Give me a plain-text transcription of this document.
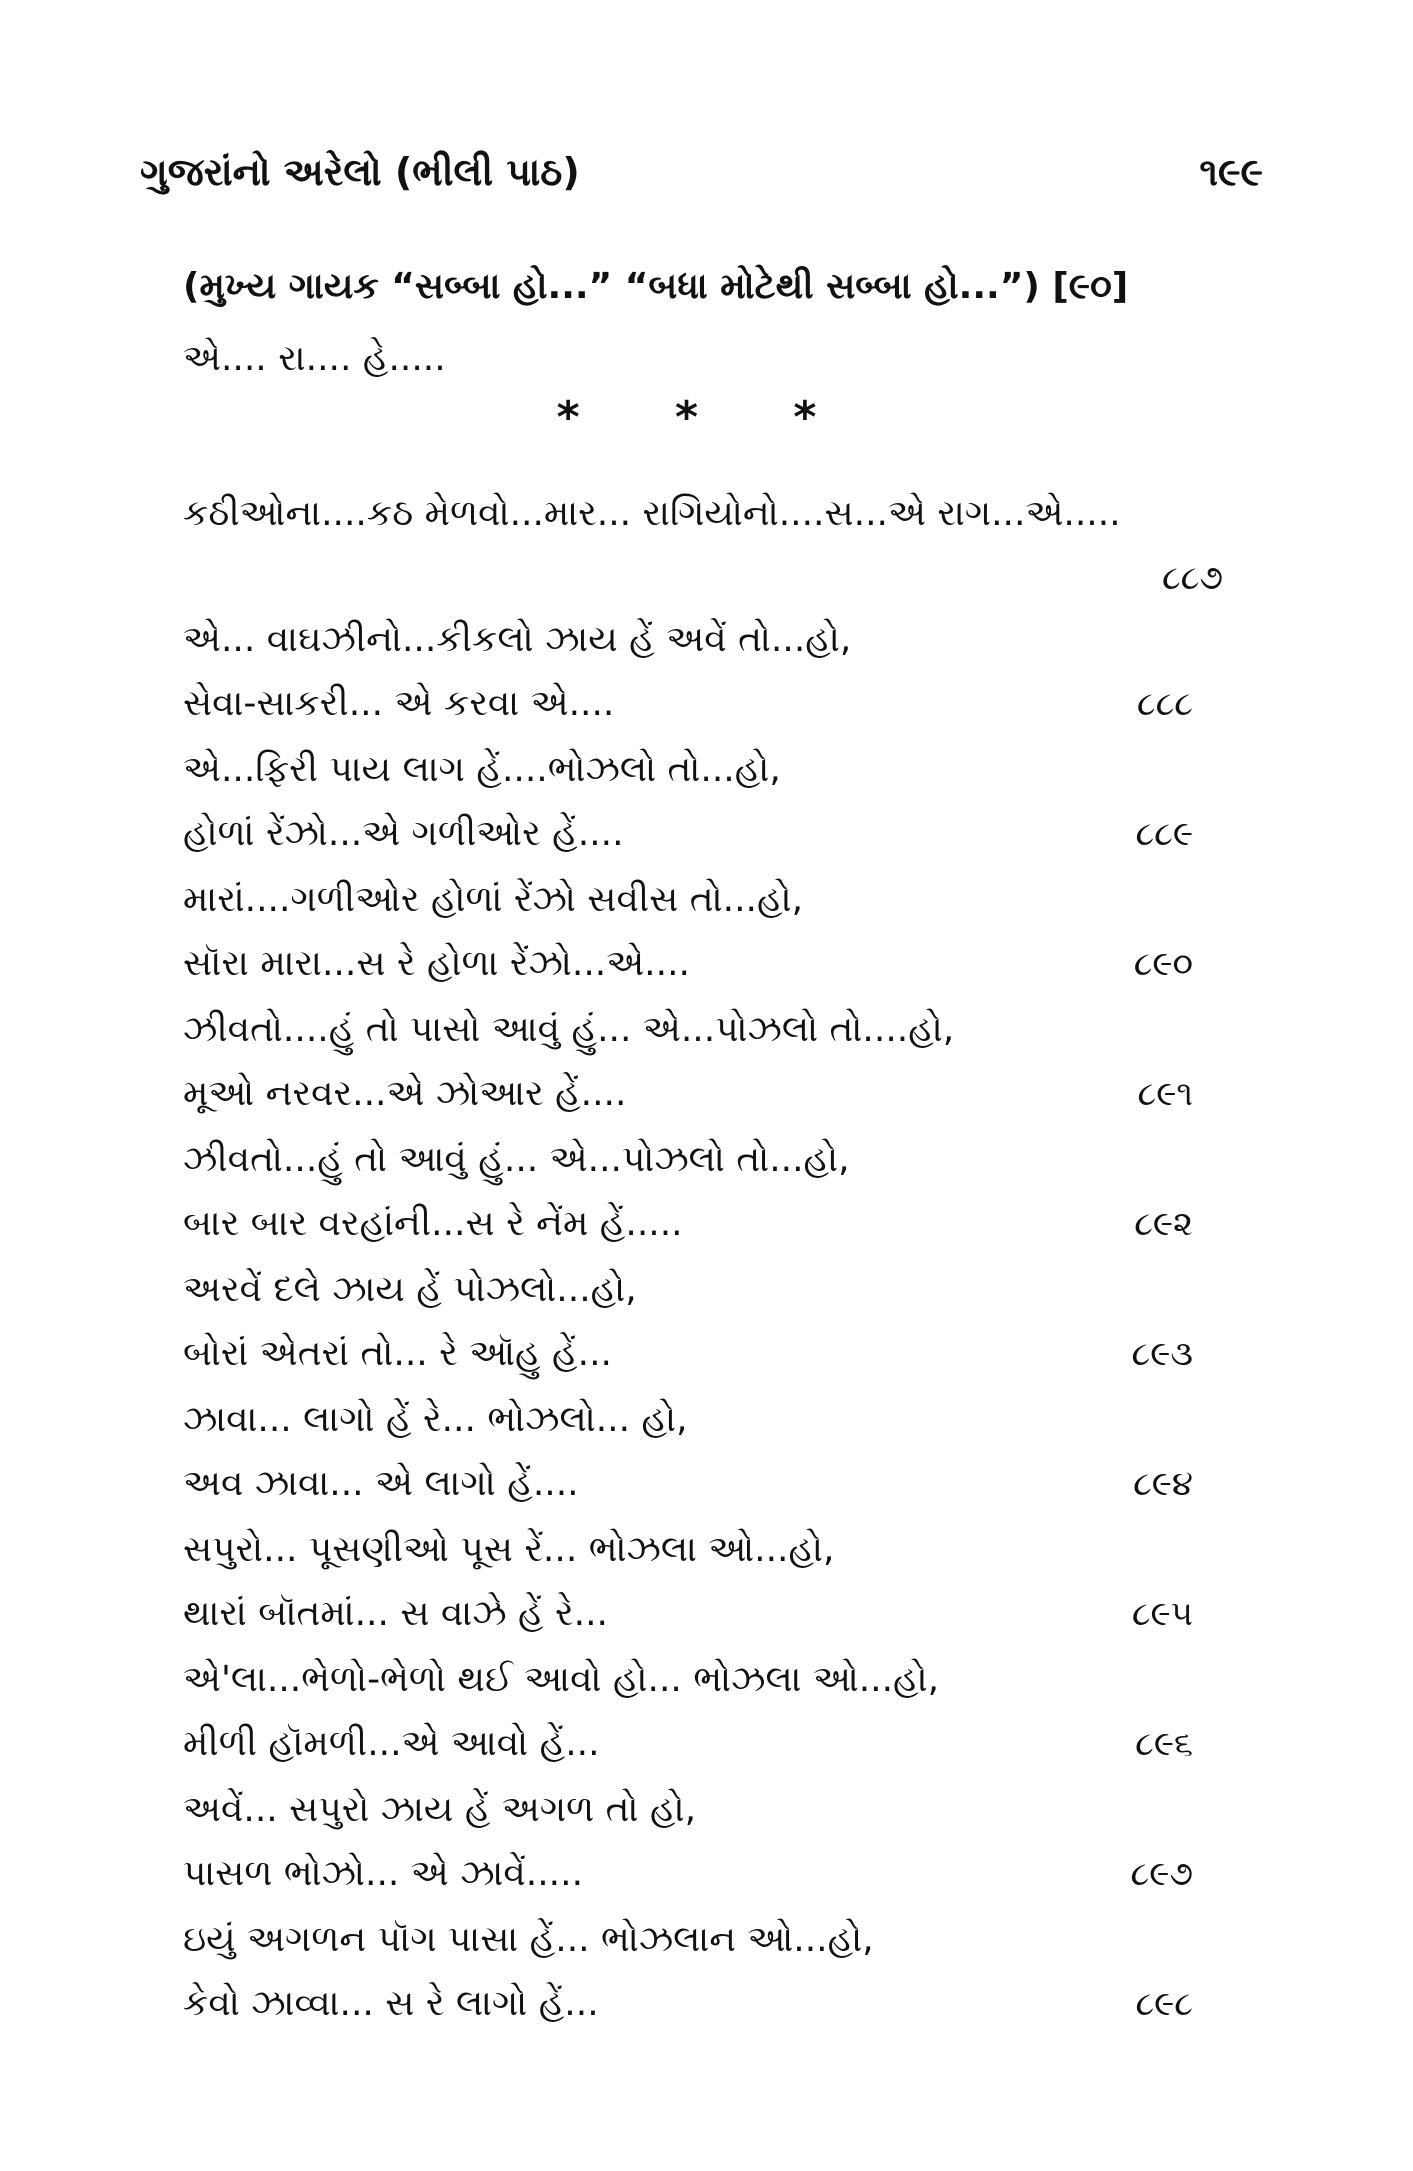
ગુજરાંનો અરેલો (ભીલી પાઠ)	૧૯૯
(મુખ્ય ગાયક “સબ્બા હો...” “બધા મોટેથી સબ્બા હો...”) [૯૦]
એ.... રા.... હે.....
* * *
કઠીઓના....કઠ મેળવો...માર... રાગિયોનો....સ...એ રાગ...એ.....
૮૮૭
એ... વાઘઝીનો...કીકલો ઝાય હેં અવેં તો...હો,
સેવા-સાકરી... એ કરવા એ....	૮૮૮
એ...ફિરી પાય લાગ હેં....ભોઝલો તો...હો,
હોળાં રેંઝો...એ ગળીઓર હેં....	૮૮૯
મારાં....ગળીઓર હોળાં રેંઝો સવીસ તો...હો,
સૉરા મારા...સ રે હોળા રેંઝો...એ....	૮૯૦
ઝીવતો....હું તો પાસો આવું હું... એ...પોઝલો તો....હો,
મૂઓ નરવર...એ ઝોઆર હેં....	૮૯૧
ઝીવતો...હું તો આવું હું... એ...પોઝલો તો...હો,
બાર બાર વરહાંની...સ રે નેંમ હેં.....	૮૯૨
અરવેં દલે ઝાય હેં પોઝલો...હો,
બોરાં એતરાં તો... રે ઑહુ હેં...	૮૯૩
ઝાવા... લાગો હેં રે... ભોઝલો... હો,
અવ ઝાવા... એ લાગો હેં....	૮૯૪
સપુરો... પૂસણીઓ પૂસ રેં... ભોઝલા ઓ...હો,
થારાં બૉતમાં... સ વાઝે હેં રે...	૮૯૫
એ'લા...ભેળો-ભેળો થઈ આવો હો... ભોઝલા ઓ...હો,
મીળી હૉમળી...એ આવો હેં...	૮૯૬
અવેં... સપુરો ઝાય હેં અગળ તો હો,
પાસળ ભોઝો... એ ઝાવેં.....	૮૯૭
ઇયું અગળન પૉગ પાસા હેં... ભોઝલાન ઓ...હો,
કેવો ઝાવ્વા... સ રે લાગો હેં...	૮૯૮
